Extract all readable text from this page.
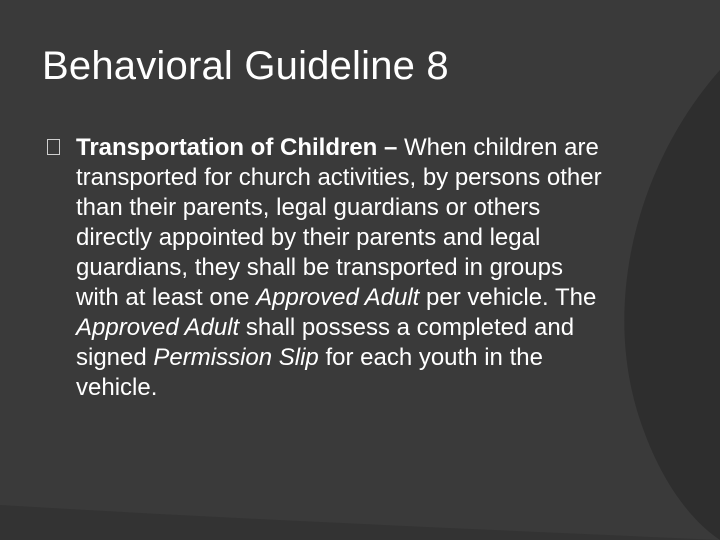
Behavioral Guideline 8
Transportation of Children – When children are transported for church activities, by persons other than their parents, legal guardians or others directly appointed by their parents and legal guardians, they shall be transported in groups with at least one Approved Adult per vehicle. The Approved Adult shall possess a completed and signed Permission Slip for each youth in the vehicle.
